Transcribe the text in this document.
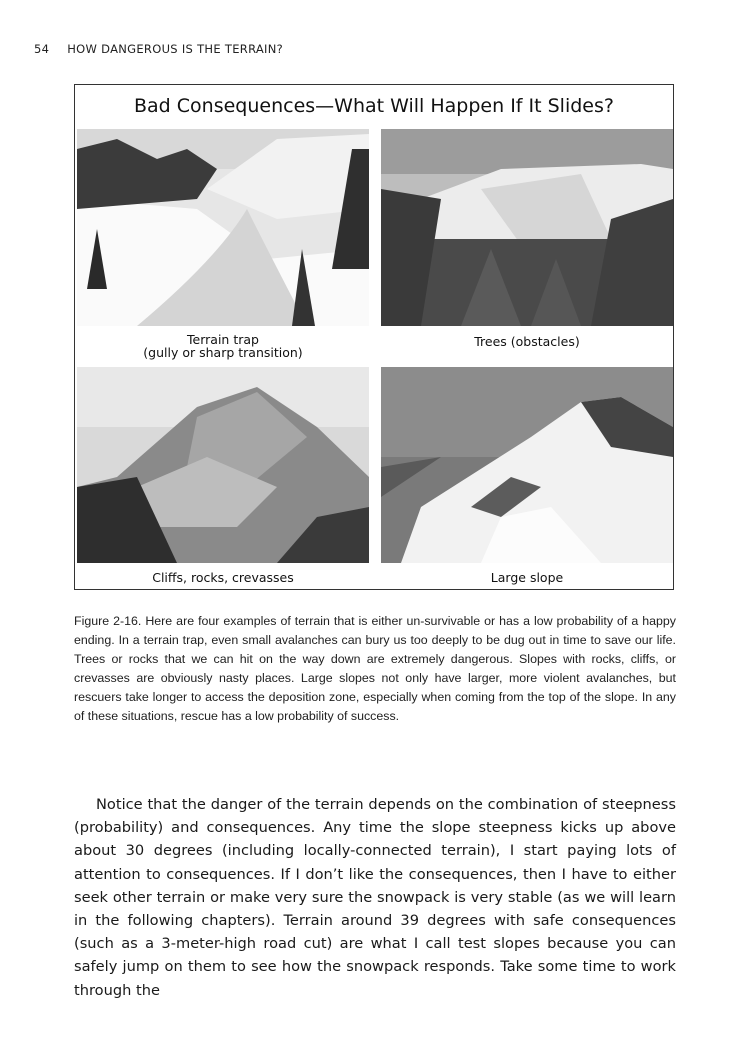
54 HOW DANGEROUS IS THE TERRAIN?
Bad Consequences—What Will Happen If It Slides?
Terrain trap
(gully or sharp transition)
Trees (obstacles)
Cliffs, rocks, crevasses	Large slope

Figure 2-16. Here are four examples of terrain that is either un-survivable or has a low probability of a happy ending. In a terrain trap, even small avalanches can bury us too deeply to be dug out in time to save our life. Trees or rocks that we can hit on the way down are extremely dangerous. Slopes with rocks, cliffs, or crevasses are obviously nasty places. Large slopes not only have larger, more violent avalanches, but rescuers take longer to access the deposition zone, especially when coming from the top of the slope. In any of these situations, rescue has a low probability of success.

Notice that the danger of the terrain depends on the combination of steepness (probability) and consequences. Any time the slope steepness kicks up above about 30 degrees (including locally-connected terrain), I start paying lots of attention to consequences. If I don’t like the consequences, then I have to either seek other terrain or make very sure the snowpack is very stable (as we will learn in the following chapters). Terrain around 39 degrees with safe consequences (such as a 3-meter-high road cut) are what I call test slopes because you can safely jump on them to see how the snowpack responds. Take some time to work through the
